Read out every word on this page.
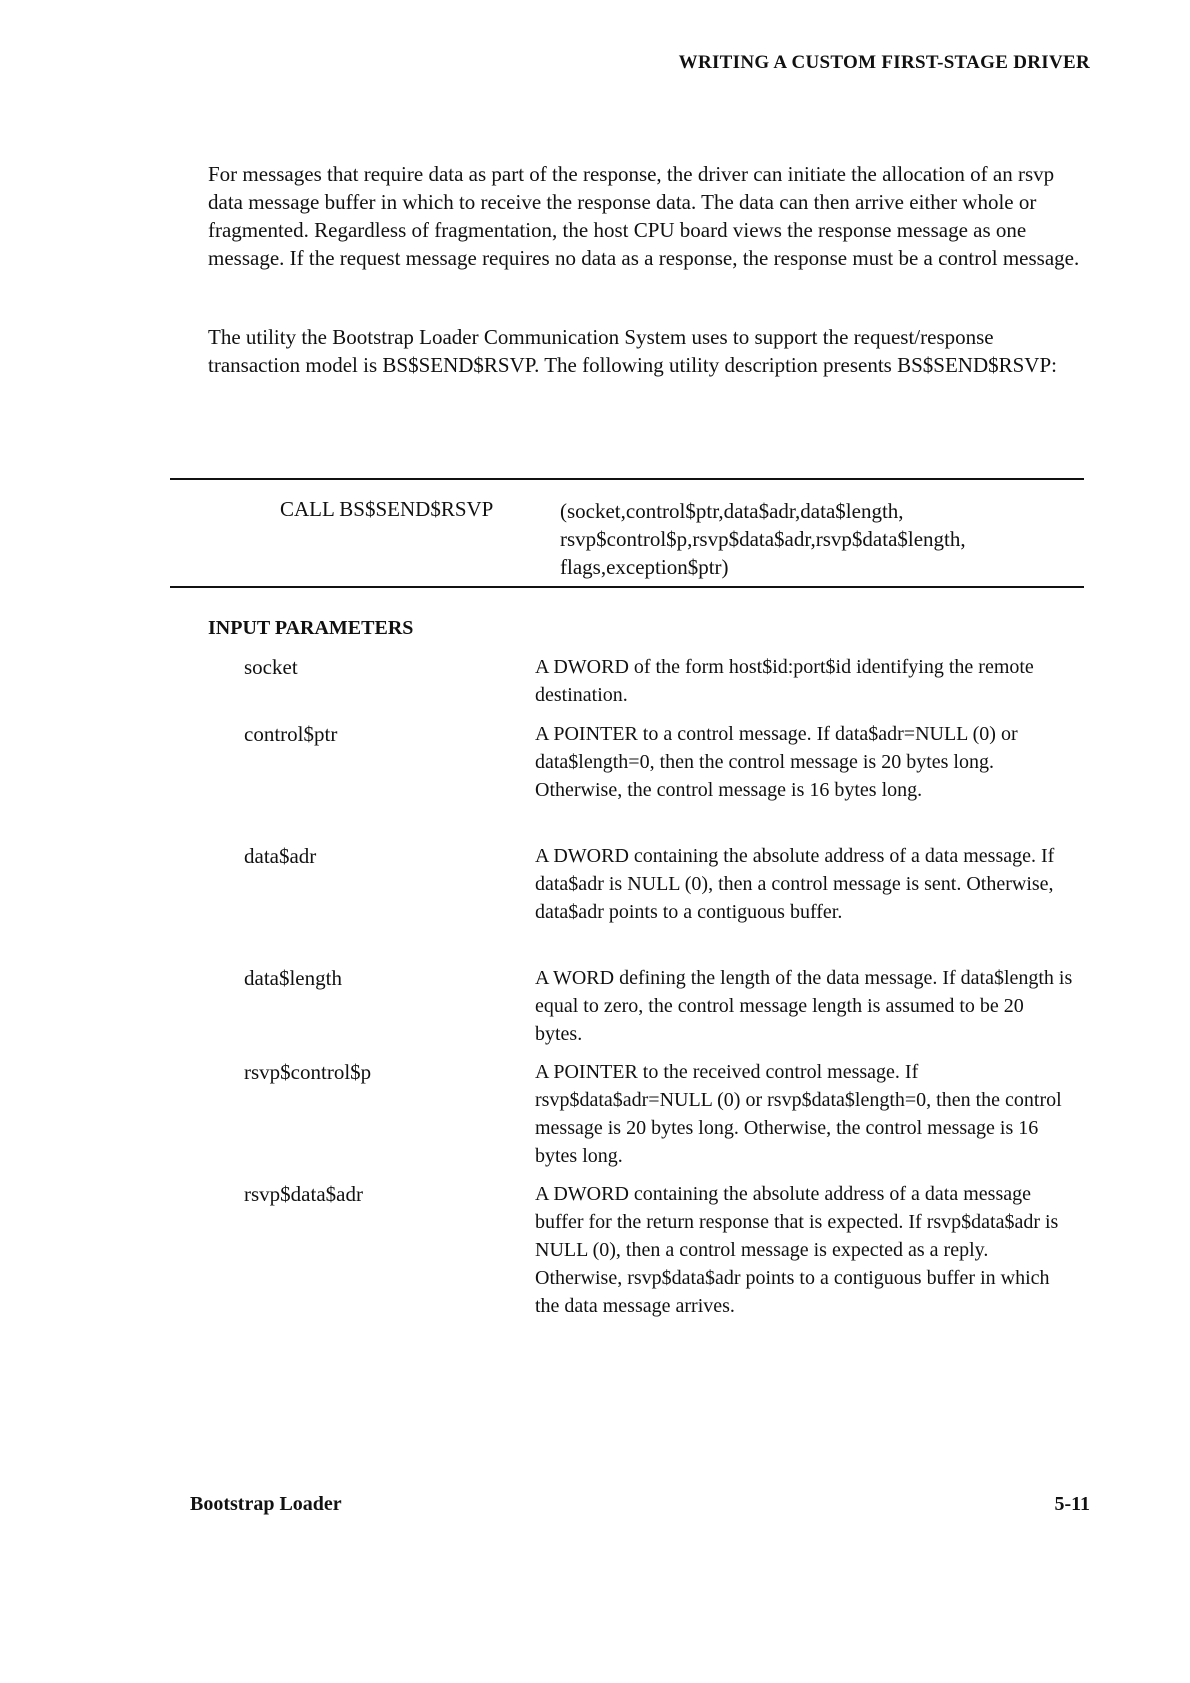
WRITING A CUSTOM FIRST-STAGE DRIVER
For messages that require data as part of the response, the driver can initiate the allocation of an rsvp data message buffer in which to receive the response data. The data can then arrive either whole or fragmented. Regardless of fragmentation, the host CPU board views the response message as one message. If the request message requires no data as a response, the response must be a control message.
The utility the Bootstrap Loader Communication System uses to support the request/response transaction model is BS$SEND$RSVP. The following utility description presents BS$SEND$RSVP:
CALL BS$SEND$RSVP	(socket,control$ptr,data$adr,data$length,
rsvp$control$p,rsvp$data$adr,rsvp$data$length,
flags,exception$ptr)
INPUT PARAMETERS
socket	A DWORD of the form host$id:port$id identifying the remote destination.
control$ptr	A POINTER to a control message. If data$adr=NULL (0) or data$length=0, then the control message is 20 bytes long. Otherwise, the control message is 16 bytes long.
data$adr	A DWORD containing the absolute address of a data message. If data$adr is NULL (0), then a control message is sent. Otherwise, data$adr points to a contiguous buffer.
data$length	A WORD defining the length of the data message. If data$length is equal to zero, the control message length is assumed to be 20 bytes.
rsvp$control$p	A POINTER to the received control message. If rsvp$data$adr=NULL (0) or rsvp$data$length=0, then the control message is 20 bytes long. Otherwise, the control message is 16 bytes long.
rsvp$data$adr	A DWORD containing the absolute address of a data message buffer for the return response that is expected. If rsvp$data$adr is NULL (0), then a control message is expected as a reply. Otherwise, rsvp$data$adr points to a contiguous buffer in which the data message arrives.
Bootstrap Loader	5-11
